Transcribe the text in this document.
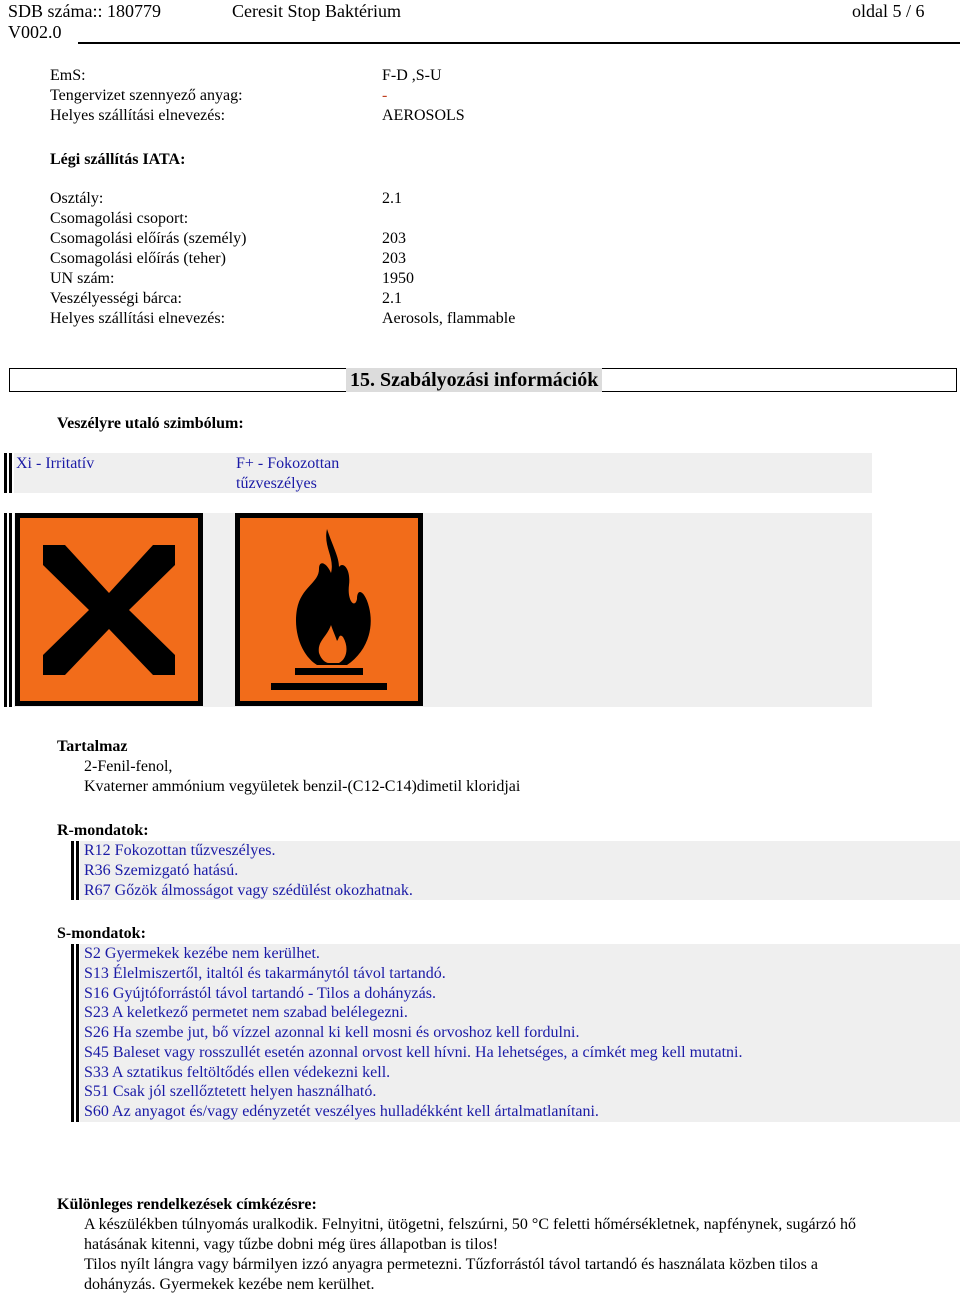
SDB száma:: 180779	Ceresit Stop Baktérium	oldal 5 / 6
V002.0
EmS:	F-D ,S-U
Tengervizet szennyező anyag:	-
Helyes szállítási elnevezés:	AEROSOLS
Légi szállítás IATA:
Osztály:	2.1
Csomagolási csoport:
Csomagolási előírás (személy)	203
Csomagolási előírás (teher)	203
UN szám:	1950
Veszélyességi bárca:	2.1
Helyes szállítási elnevezés:	Aerosols, flammable
15. Szabályozási információk
Veszélyre utaló szimbólum:
Xi - Irritatív	F+ - Fokozottan
tűzveszélyes
Tartalmaz
2-Fenil-fenol,
Kvaterner ammónium vegyületek benzil-(C12-C14)dimetil kloridjai
R-mondatok:
R12 Fokozottan tűzveszélyes.
R36 Szemizgató hatású.
R67 Gőzök álmosságot vagy szédülést okozhatnak.
S-mondatok:
S2 Gyermekek kezébe nem kerülhet.
S13 Élelmiszertől, italtól és takarmánytól távol tartandó.
S16 Gyújtóforrástól távol tartandó - Tilos a dohányzás.
S23 A keletkező permetet nem szabad belélegezni.
S26 Ha szembe jut, bő vízzel azonnal ki kell mosni és orvoshoz kell fordulni.
S45 Baleset vagy rosszullét esetén azonnal orvost kell hívni. Ha lehetséges, a címkét meg kell mutatni.
S33 A sztatikus feltöltődés ellen védekezni kell.
S51 Csak jól szellőztetett helyen használható.
S60 Az anyagot és/vagy edényzetét veszélyes hulladékként kell ártalmatlanítani.
Különleges rendelkezések címkézésre:
A készülékben túlnyomás uralkodik. Felnyitni, ütögetni, felszúrni, 50 °C feletti hőmérsékletnek, napfénynek, sugárzó hő
hatásának kitenni, vagy tűzbe dobni még üres állapotban is tilos!
Tilos nyílt lángra vagy bármilyen izzó anyagra permetezni. Tűzforrástól távol tartandó és használata közben tilos a
dohányzás. Gyermekek kezébe nem kerülhet.
